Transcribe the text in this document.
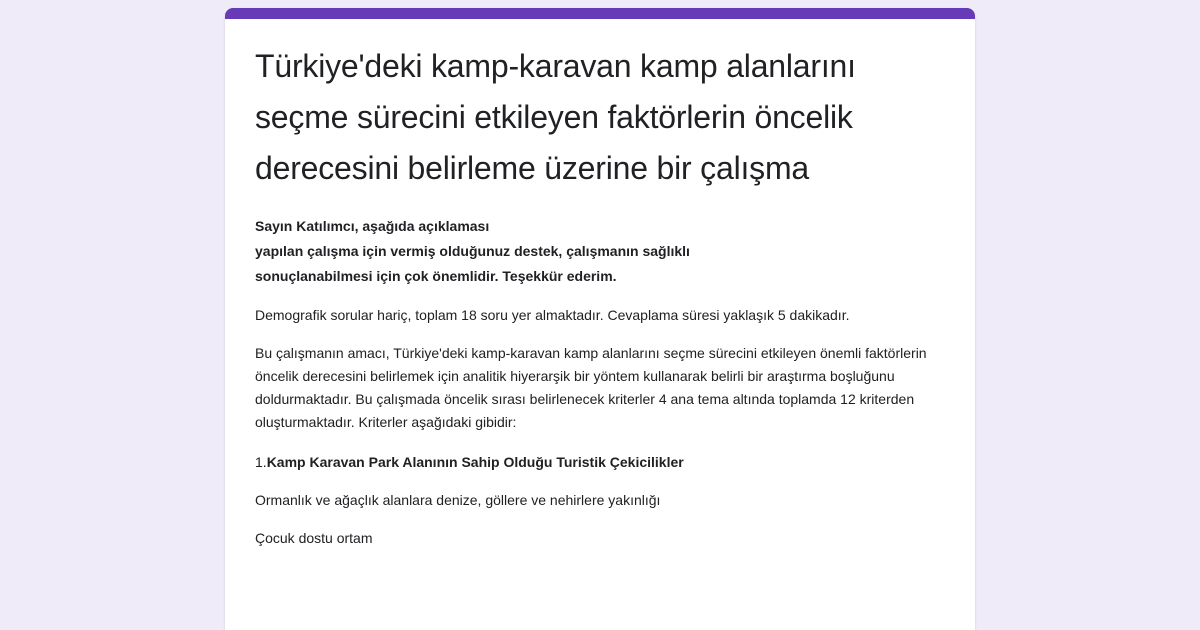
Türkiye'deki kamp-karavan kamp alanlarını seçme sürecini etkileyen faktörlerin öncelik derecesini belirleme üzerine bir çalışma
Sayın Katılımcı, aşağıda açıklaması
yapılan çalışma için vermiş olduğunuz destek, çalışmanın sağlıklı
sonuçlanabilmesi için çok önemlidir. Teşekkür ederim.

Demografik sorular hariç, toplam 18 soru yer almaktadır. Cevaplama süresi yaklaşık 5 dakikadır.

Bu çalışmanın amacı, Türkiye'deki kamp-karavan kamp alanlarını seçme sürecini etkileyen önemli faktörlerin öncelik derecesini belirlemek için analitik hiyerarşik bir yöntem kullanarak belirli bir araştırma boşluğunu doldurmaktadır. Bu çalışmada öncelik sırası belirlenecek kriterler 4 ana tema altında toplamda 12 kriterden oluşturmaktadır. Kriterler aşağıdaki gibidir:

1.Kamp Karavan Park Alanının Sahip Olduğu Turistik Çekicilikler

Ormanlık ve ağaçlık alanlara denize, göllere ve nehirlere yakınlığı

Çocuk dostu ortam
